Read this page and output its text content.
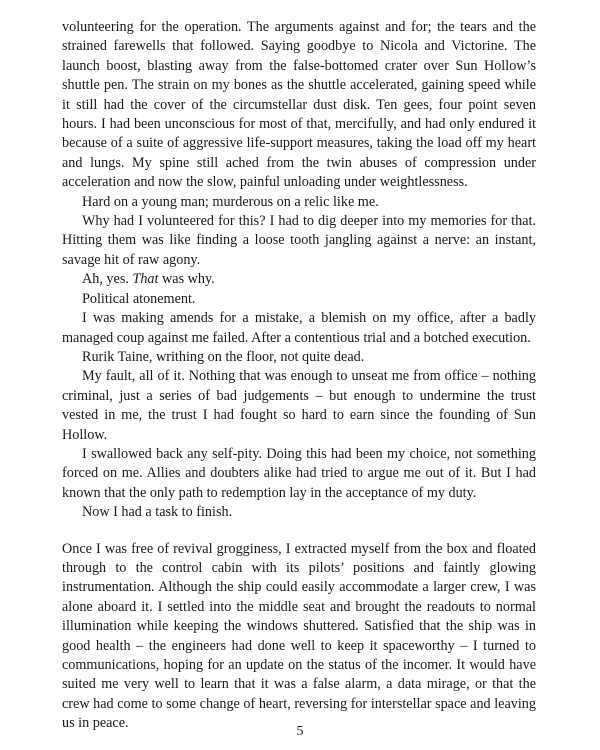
volunteering for the operation. The arguments against and for; the tears and the strained farewells that followed. Saying goodbye to Nicola and Victorine. The launch boost, blasting away from the false-bottomed crater over Sun Hollow’s shuttle pen. The strain on my bones as the shuttle accelerated, gaining speed while it still had the cover of the circumstellar dust disk. Ten gees, four point seven hours. I had been unconscious for most of that, mercifully, and had only endured it because of a suite of aggressive life-support measures, taking the load off my heart and lungs. My spine still ached from the twin abuses of compression under acceleration and now the slow, painful unloading under weightlessness.

Hard on a young man; murderous on a relic like me.

Why had I volunteered for this? I had to dig deeper into my memories for that. Hitting them was like finding a loose tooth jangling against a nerve: an instant, savage hit of raw agony.

Ah, yes. That was why.

Political atonement.

I was making amends for a mistake, a blemish on my office, after a badly managed coup against me failed. After a contentious trial and a botched execution.

Rurik Taine, writhing on the floor, not quite dead.

My fault, all of it. Nothing that was enough to unseat me from office – nothing criminal, just a series of bad judgements – but enough to undermine the trust vested in me, the trust I had fought so hard to earn since the founding of Sun Hollow.

I swallowed back any self-pity. Doing this had been my choice, not something forced on me. Allies and doubters alike had tried to argue me out of it. But I had known that the only path to redemption lay in the acceptance of my duty.

Now I had a task to finish.

Once I was free of revival grogginess, I extracted myself from the box and floated through to the control cabin with its pilots’ positions and faintly glowing instrumentation. Although the ship could easily accommodate a larger crew, I was alone aboard it. I settled into the middle seat and brought the readouts to normal illumination while keeping the windows shuttered. Satisfied that the ship was in good health – the engineers had done well to keep it spaceworthy – I turned to communications, hoping for an update on the status of the incomer. It would have suited me very well to learn that it was a false alarm, a data mirage, or that the crew had come to some change of heart, reversing for interstellar space and leaving us in peace.

5
